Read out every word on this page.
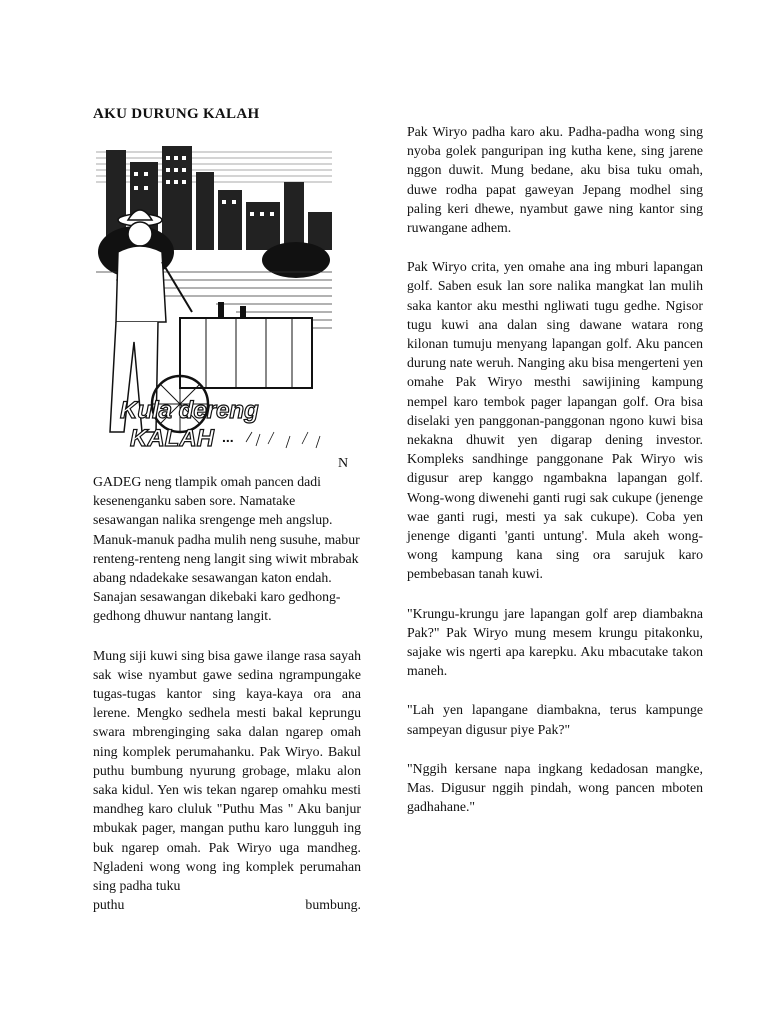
AKU DURUNG KALAH
Kula dereng
KALAH ...
N

GADEG neng tlampik omah pancen dadi kesenenganku saben sore. Namatake sesawangan nalika srengenge meh angslup. Manuk-manuk padha mulih neng susuhe, mabur renteng-renteng neng langit sing wiwit mbrabak abang ndadekake sesawangan katon endah. Sanajan sesawangan dikebaki karo gedhong-gedhong dhuwur nantang langit.

Mung siji kuwi sing bisa gawe ilange rasa sayah sak wise nyambut gawe sedina ngrampungake tugas-tugas kantor sing kaya-kaya ora ana lerene. Mengko sedhela mesti bakal keprungu swara mbrenginging saka dalan ngarep omah ning komplek perumahanku. Pak Wiryo. Bakul puthu bumbung nyurung grobage, mlaku alon saka kidul. Yen wis tekan ngarep omahku mesti mandheg karo cluluk "Puthu Mas " Aku banjur mbukak pager, mangan puthu karo lungguh ing buk ngarep omah. Pak Wiryo uga mandheg. Ngladeni wong wong ing komplek perumahan sing padha tuku

puthu	bumbung.

Pak Wiryo padha karo aku. Padha-padha wong sing nyoba golek panguripan ing kutha kene, sing jarene nggon duwit. Mung bedane, aku bisa tuku omah, duwe rodha papat gaweyan Jepang modhel sing paling keri dhewe, nyambut gawe ning kantor sing ruwangane adhem.

Pak Wiryo crita, yen omahe ana ing mburi lapangan golf. Saben esuk lan sore nalika mangkat lan mulih saka kantor aku mesthi ngliwati tugu gedhe. Ngisor tugu kuwi ana dalan sing dawane watara rong kilonan tumuju menyang lapangan golf. Aku pancen durung nate weruh. Nanging aku bisa mengerteni yen omahe Pak Wiryo mesthi sawijining kampung nempel karo tembok pager lapangan golf. Ora bisa diselaki yen panggonan-panggonan ngono kuwi bisa nekakna dhuwit yen digarap dening investor. Kompleks sandhinge panggonane Pak Wiryo wis digusur arep kanggo ngambakna lapangan golf. Wong-wong diwenehi ganti rugi sak cukupe (jenenge wae ganti rugi, mesti ya sak cukupe). Coba yen jenenge diganti 'ganti untung'. Mula akeh wong-wong kampung kana sing ora sarujuk karo pembebasan tanah kuwi.

"Krungu-krungu jare lapangan golf arep diambakna Pak?" Pak Wiryo mung mesem krungu pitakonku, sajake wis ngerti apa karepku. Aku mbacutake takon maneh.

"Lah yen lapangane diambakna, terus kampunge sampeyan digusur piye Pak?"

"Nggih kersane napa ingkang kedadosan mangke, Mas. Digusur nggih pindah, wong pancen mboten gadhahane."
